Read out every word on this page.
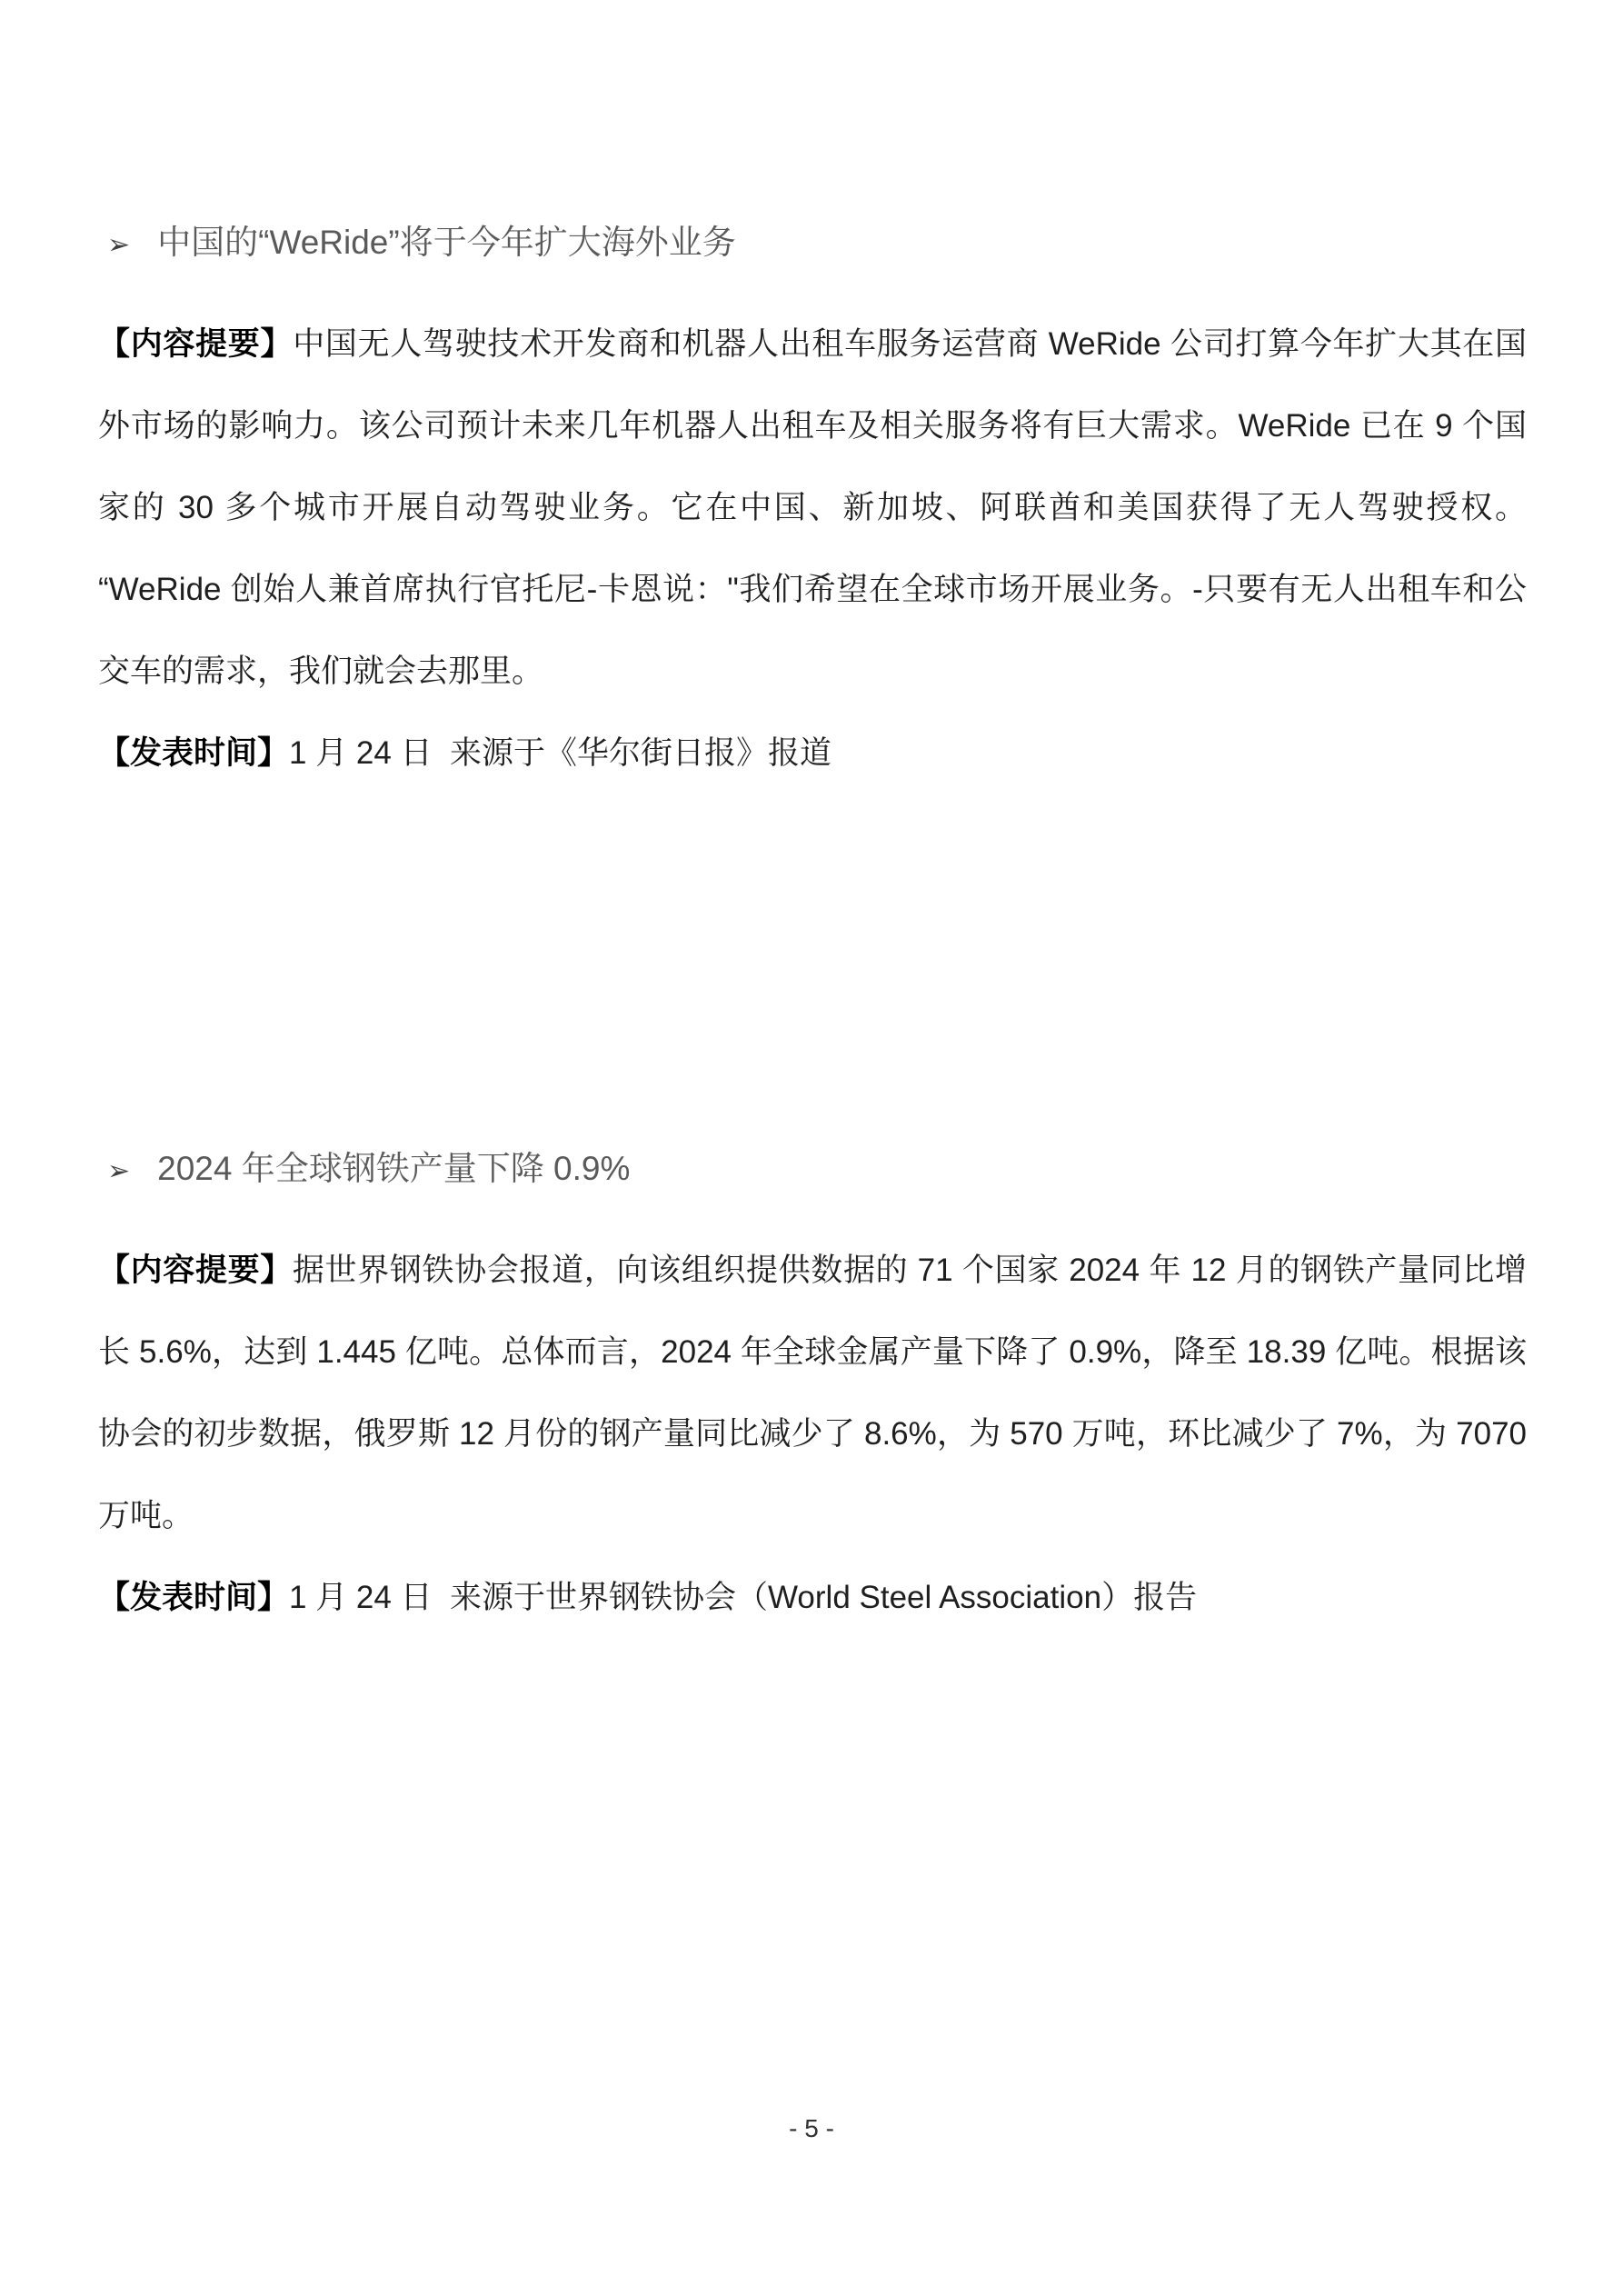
➢ 中国的“WeRide”将于今年扩大海外业务

【内容提要】中国无人驾驶技术开发商和机器人出租车服务运营商 WeRide 公司打算今年扩大其在国外市场的影响力。该公司预计未来几年机器人出租车及相关服务将有巨大需求。WeRide 已在 9 个国家的 30 多个城市开展自动驾驶业务。它在中国、新加坡、阿联酋和美国获得了无人驾驶授权。“WeRide 创始人兼首席执行官托尼-卡恩说："我们希望在全球市场开展业务。-只要有无人出租车和公交车的需求，我们就会去那里。

【发表时间】1 月 24 日  来源于《华尔街日报》报道

➢ 2024 年全球钢铁产量下降 0.9%

【内容提要】据世界钢铁协会报道，向该组织提供数据的 71 个国家 2024 年 12 月的钢铁产量同比增长 5.6%，达到 1.445 亿吨。总体而言，2024 年全球金属产量下降了 0.9%，降至 18.39 亿吨。根据该协会的初步数据，俄罗斯 12 月份的钢产量同比减少了 8.6%，为 570 万吨，环比减少了 7%，为 7070 万吨。

【发表时间】1 月 24 日  来源于世界钢铁协会（World Steel Association）报告

- 5 -
